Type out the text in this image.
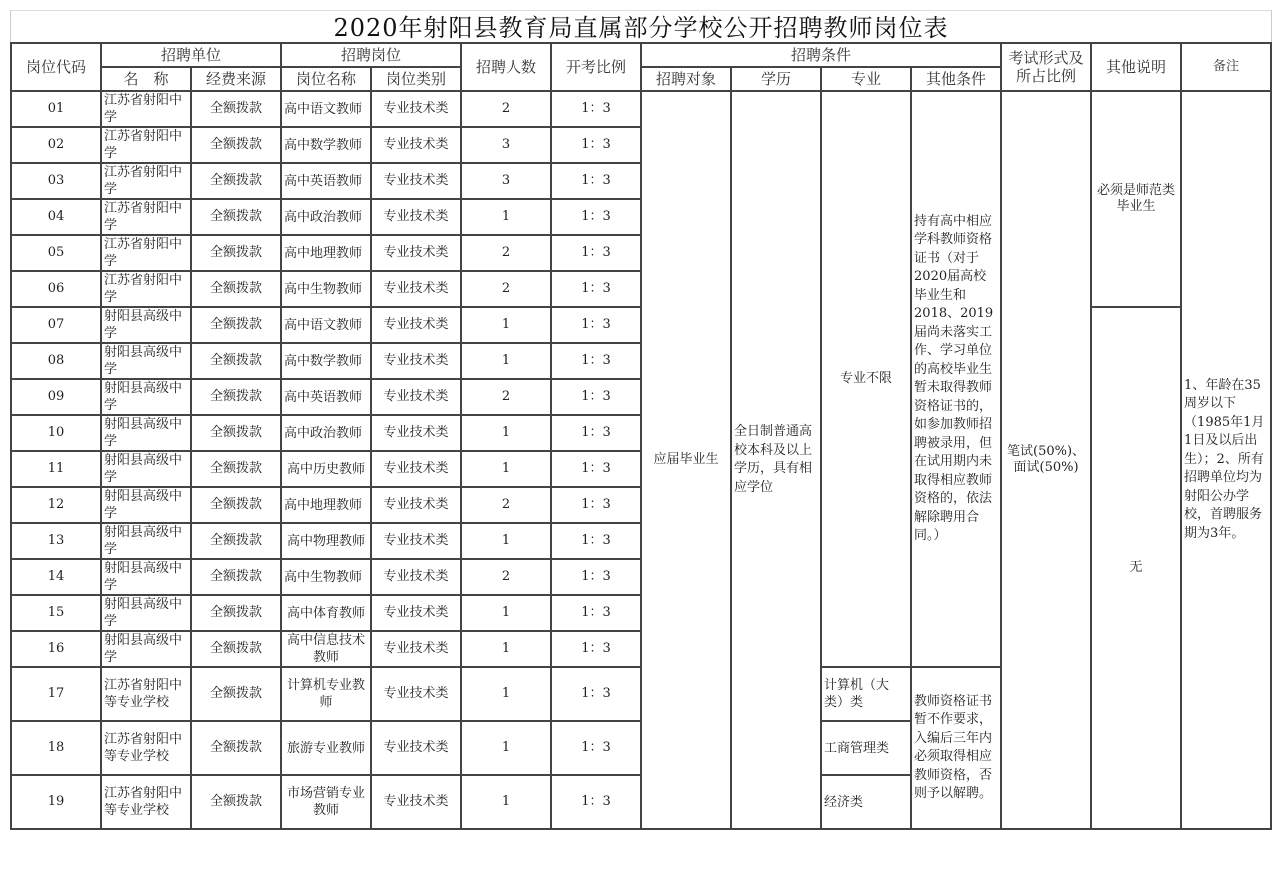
2020年射阳县教育局直属部分学校公开招聘教师岗位表
岗位代码	招聘单位		招聘岗位		招聘人数	开考比例	招聘条件				考试形式及所占比例	其他说明	备注
	名　称	经费来源	岗位名称	岗位类别			招聘对象	学历	专业	其他条件			
01	江苏省射阳中学	全额拨款	高中语文教师	专业技术类	2	1：3	应届毕业生	全日制普通高校本科及以上学历，具有相应学位	专业不限	持有高中相应学科教师资格证书（对于2020届高校毕业生和2018、2019届尚未落实工作、学习单位的高校毕业生暂未取得教师资格证书的，如参加教师招聘被录用，但在试用期内未取得相应教师资格的，依法解除聘用合同。）	笔试(50%)、面试(50%)	必须是师范类毕业生	1、年龄在35周岁以下（1985年1月1日及以后出生）；2、所有招聘单位均为射阳公办学校，首聘服务期为3年。
02	江苏省射阳中学	全额拨款	高中数学教师	专业技术类	3	1：3							
03	江苏省射阳中学	全额拨款	高中英语教师	专业技术类	3	1：3							
04	江苏省射阳中学	全额拨款	高中政治教师	专业技术类	1	1：3							
05	江苏省射阳中学	全额拨款	高中地理教师	专业技术类	2	1：3							
06	江苏省射阳中学	全额拨款	高中生物教师	专业技术类	2	1：3							
07	射阳县高级中学	全额拨款	高中语文教师	专业技术类	1	1：3						无	
08	射阳县高级中学	全额拨款	高中数学教师	专业技术类	1	1：3							
09	射阳县高级中学	全额拨款	高中英语教师	专业技术类	2	1：3							
10	射阳县高级中学	全额拨款	高中政治教师	专业技术类	1	1：3							
11	射阳县高级中学	全额拨款	高中历史教师	专业技术类	1	1：3							
12	射阳县高级中学	全额拨款	高中地理教师	专业技术类	2	1：3							
13	射阳县高级中学	全额拨款	高中物理教师	专业技术类	1	1：3							
14	射阳县高级中学	全额拨款	高中生物教师	专业技术类	2	1：3							
15	射阳县高级中学	全额拨款	高中体育教师	专业技术类	1	1：3							
16	射阳县高级中学	全额拨款	高中信息技术教师	专业技术类	1	1：3							
17	江苏省射阳中等专业学校	全额拨款	计算机专业教师	专业技术类	1	1：3			计算机（大类）类	教师资格证书暂不作要求，入编后三年内必须取得相应教师资格，否则予以解聘。			
18	江苏省射阳中等专业学校	全额拨款	旅游专业教师	专业技术类	1	1：3			工商管理类				
19	江苏省射阳中等专业学校	全额拨款	市场营销专业教师	专业技术类	1	1：3			经济类				
